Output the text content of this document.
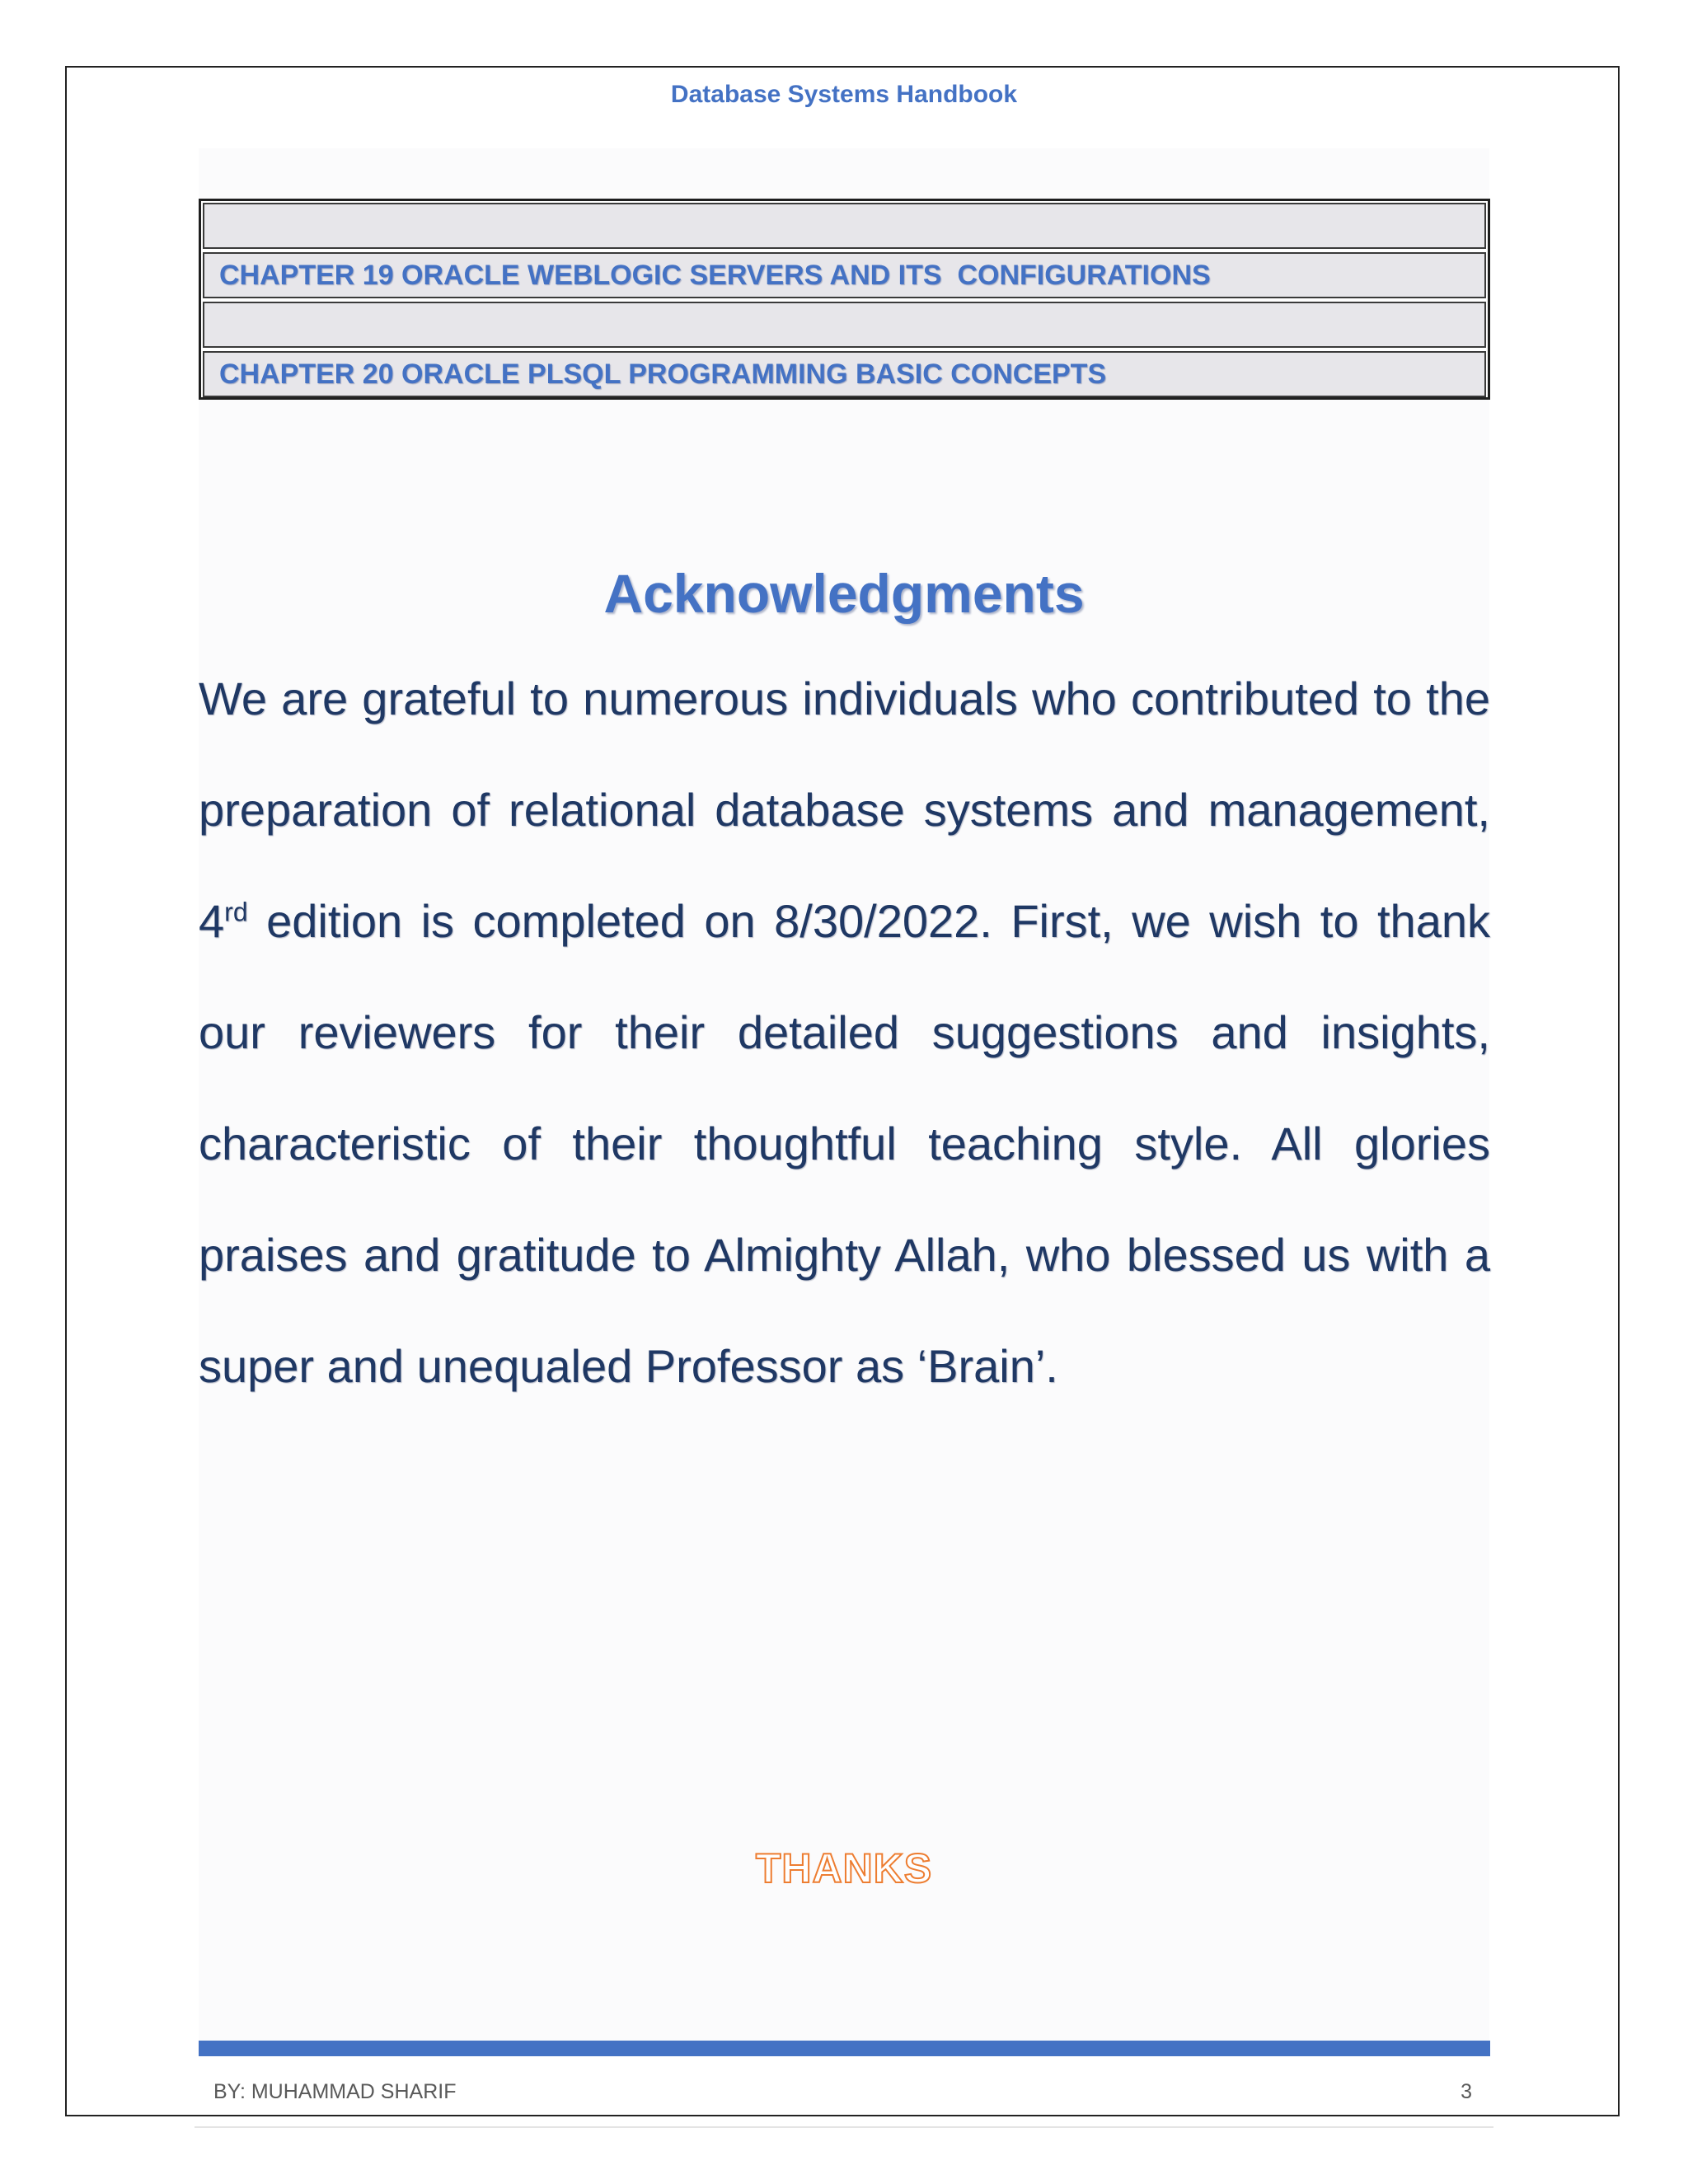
Database Systems Handbook
CHAPTER 19 ORACLE WEBLOGIC SERVERS AND ITS  CONFIGURATIONS
CHAPTER 20 ORACLE PLSQL PROGRAMMING BASIC CONCEPTS
Acknowledgments
We are grateful to numerous individuals who contributed to the preparation of relational database systems and management, 4rd edition is completed on 8/30/2022. First, we wish to thank our reviewers for their detailed suggestions and insights, characteristic of their thoughtful teaching style. All glories praises and gratitude to Almighty Allah, who blessed us with a super and unequaled Professor as ‘Brain’.
THANKS
BY: MUHAMMAD SHARIF	3
